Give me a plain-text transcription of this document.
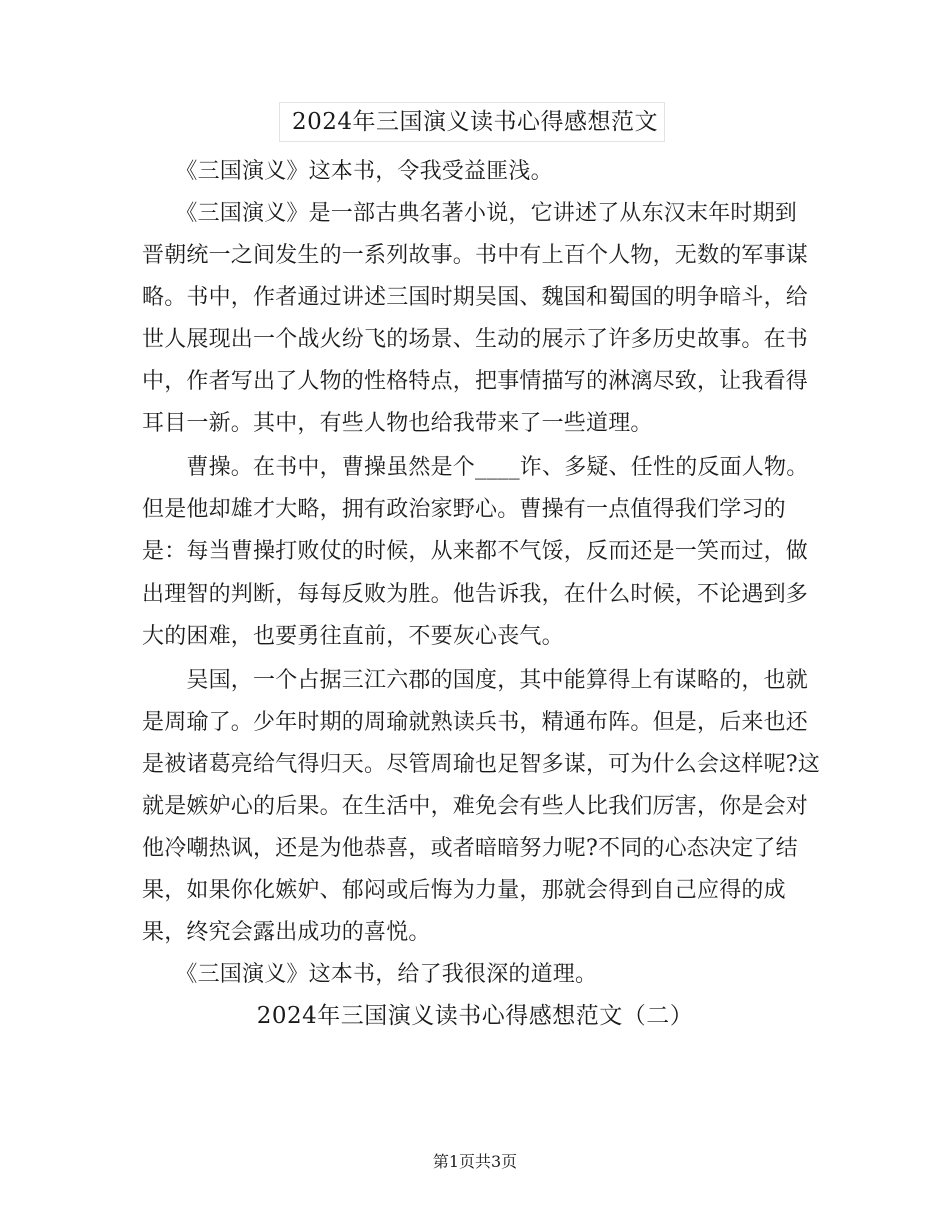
2024年三国演义读书心得感想范文
　　《三国演义》这本书，令我受益匪浅。
　　《三国演义》是一部古典名著小说，它讲述了从东汉末年时期到
晋朝统一之间发生的一系列故事。书中有上百个人物，无数的军事谋
略。书中，作者通过讲述三国时期吴国、魏国和蜀国的明争暗斗，给
世人展现出一个战火纷飞的场景、生动的展示了许多历史故事。在书
中，作者写出了人物的性格特点，把事情描写的淋漓尽致，让我看得
耳目一新。其中，有些人物也给我带来了一些道理。
　　曹操。在书中，曹操虽然是个____诈、多疑、任性的反面人物。
但是他却雄才大略，拥有政治家野心。曹操有一点值得我们学习的
是：每当曹操打败仗的时候，从来都不气馁，反而还是一笑而过，做
出理智的判断，每每反败为胜。他告诉我，在什么时候，不论遇到多
大的困难，也要勇往直前，不要灰心丧气。
　　吴国，一个占据三江六郡的国度，其中能算得上有谋略的，也就
是周瑜了。少年时期的周瑜就熟读兵书，精通布阵。但是，后来也还
是被诸葛亮给气得归天。尽管周瑜也足智多谋，可为什么会这样呢?这
就是嫉妒心的后果。在生活中，难免会有些人比我们厉害，你是会对
他冷嘲热讽，还是为他恭喜，或者暗暗努力呢?不同的心态决定了结
果，如果你化嫉妒、郁闷或后悔为力量，那就会得到自己应得的成
果，终究会露出成功的喜悦。
　　《三国演义》这本书，给了我很深的道理。
2024年三国演义读书心得感想范文（二）
第1页共3页
